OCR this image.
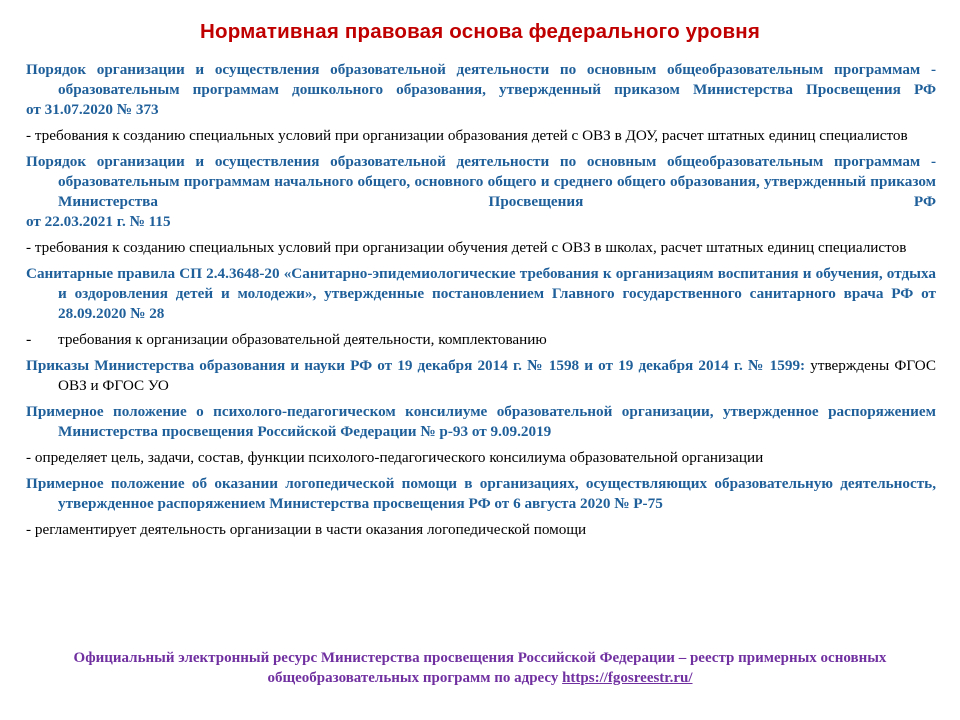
Нормативная правовая основа федерального уровня
Порядок организации и осуществления образовательной деятельности по основным общеобразовательным программам - образовательным программам дошкольного образования, утвержденный приказом Министерства Просвещения РФ
от 31.07.2020 № 373
- требования к созданию специальных условий при организации образования детей с ОВЗ в ДОУ, расчет штатных единиц специалистов
Порядок организации и осуществления образовательной деятельности по основным общеобразовательным программам - образовательным программам начального общего, основного общего и среднего общего образования, утвержденный приказом Министерства Просвещения РФ
от 22.03.2021 г. № 115
- требования к созданию специальных условий при организации обучения детей с ОВЗ в школах, расчет штатных единиц специалистов
Санитарные правила СП 2.4.3648-20 «Санитарно-эпидемиологические требования к организациям воспитания и обучения, отдыха и оздоровления детей и молодежи», утвержденные постановлением Главного государственного санитарного врача РФ от 28.09.2020 № 28
-	требования к организации образовательной деятельности, комплектованию
Приказы Министерства образования и науки РФ от 19 декабря 2014 г. № 1598 и от 19 декабря 2014 г. № 1599: утверждены ФГОС ОВЗ и ФГОС УО
Примерное положение о психолого-педагогическом консилиуме образовательной организации, утвержденное распоряжением Министерства просвещения Российской Федерации № р-93 от 9.09.2019
- определяет цель, задачи, состав, функции психолого-педагогического консилиума образовательной организации
Примерное положение об оказании логопедической помощи в организациях, осуществляющих образовательную деятельность, утвержденное распоряжением Министерства просвещения РФ от 6 августа 2020 № Р-75
- регламентирует деятельность организации в части оказания логопедической помощи
Официальный электронный ресурс Министерства просвещения Российской Федерации – реестр примерных основных общеобразовательных программ по адресу https://fgosreestr.ru/
